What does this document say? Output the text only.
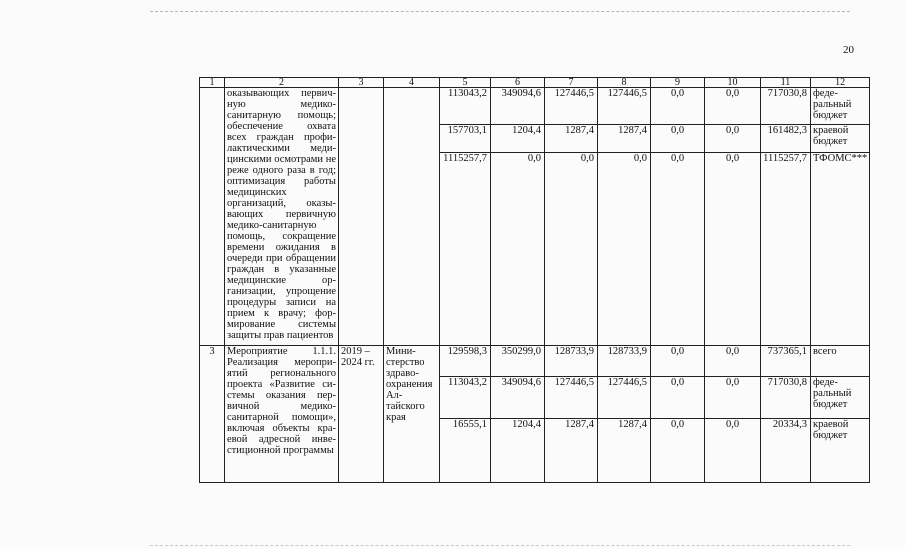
20
1	2	3	4	5	6	7	8	9	10	11	12
	оказывающих первичную медико-санитарную помощь; обеспечение охвата всех граждан профилактическими медицинскими осмотрами не реже одного раза в год; оптимизация работы медицинских организаций, оказывающих первичную медико-санитарную помощь, сокращение времени ожидания в очереди при обращении граждан в указанные медицинские организации, упрощение процедуры записи на прием к врачу; формирование системы защиты прав пациентов			113043,2	349094,6	127446,5	127446,5	0,0	0,0	717030,8	федеральный бюджет
				157703,1	1204,4	1287,4	1287,4	0,0	0,0	161482,3	краевой бюджет
				1115257,7	0,0	0,0	0,0	0,0	0,0	1115257,7	ТФОМС***
3	Мероприятие 1.1.1. Реализация мероприятий регионального проекта «Развитие системы оказания первичной медико-санитарной помощи», включая объекты краевой адресной инвестиционной программы	2019 – 2024 гг.	Министерство здравоохранения Алтайского края	129598,3	350299,0	128733,9	128733,9	0,0	0,0	737365,1	всего
				113043,2	349094,6	127446,5	127446,5	0,0	0,0	717030,8	федеральный бюджет
				16555,1	1204,4	1287,4	1287,4	0,0	0,0	20334,3	краевой бюджет
